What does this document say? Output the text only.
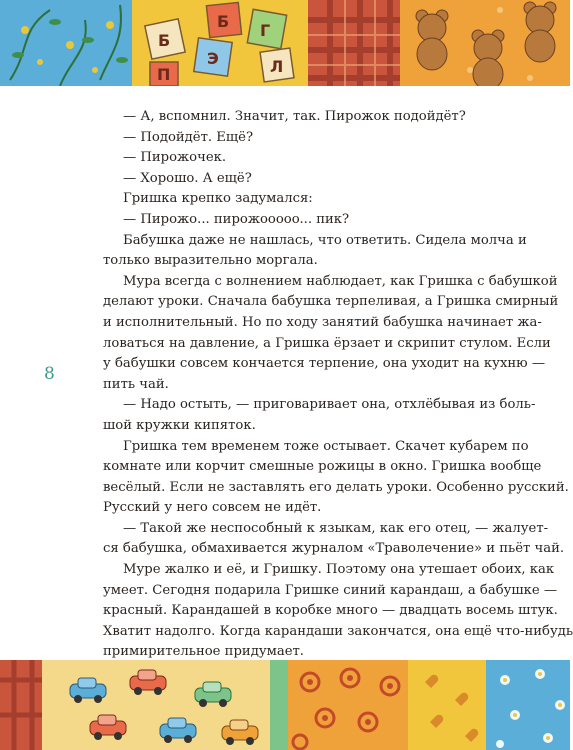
Б
Э
Б Г
Л
П
8
— А, вспомнил. Значит, так. Пирожок подойдёт?
— Подойдёт. Ещё?
— Пирожочек.
— Хорошо. А ещё?
Гришка крепко задумался:
— Пирожо... пирожоoooo... пик?
Бабушка даже не нашлась, что ответить. Сидела молча и
только выразительно моргала.
Мура всегда с волнением наблюдает, как Гришка с бабушкой
делают уроки. Сначала бабушка терпеливая, а Гришка смирный
и исполнительный. Но по ходу занятий бабушка начинает жа-
ловаться на давление, а Гришка ёрзает и скрипит стулом. Если
у бабушки совсем кончается терпение, она уходит на кухню —
пить чай.
— Надо остыть, — приговаривает она, отхлёбывая из боль-
шой кружки кипяток.
Гришка тем временем тоже остывает. Скачет кубарем по
комнате или корчит смешные рожицы в окно. Гришка вообще
весёлый. Если не заставлять его делать уроки. Особенно русский.
Русский у него совсем не идёт.
— Такой же неспособный к языкам, как его отец, — жалует-
ся бабушка, обмахивается журналом «Траволечение» и пьёт чай.
Муре жалко и её, и Гришку. Поэтому она утешает обоих, как
умеет. Сегодня подарила Гришке синий карандаш, а бабушке —
красный. Карандашей в коробке много — двадцать восемь штук.
Хватит надолго. Когда карандаши закончатся, она ещё что-нибудь
примирительное придумает.
